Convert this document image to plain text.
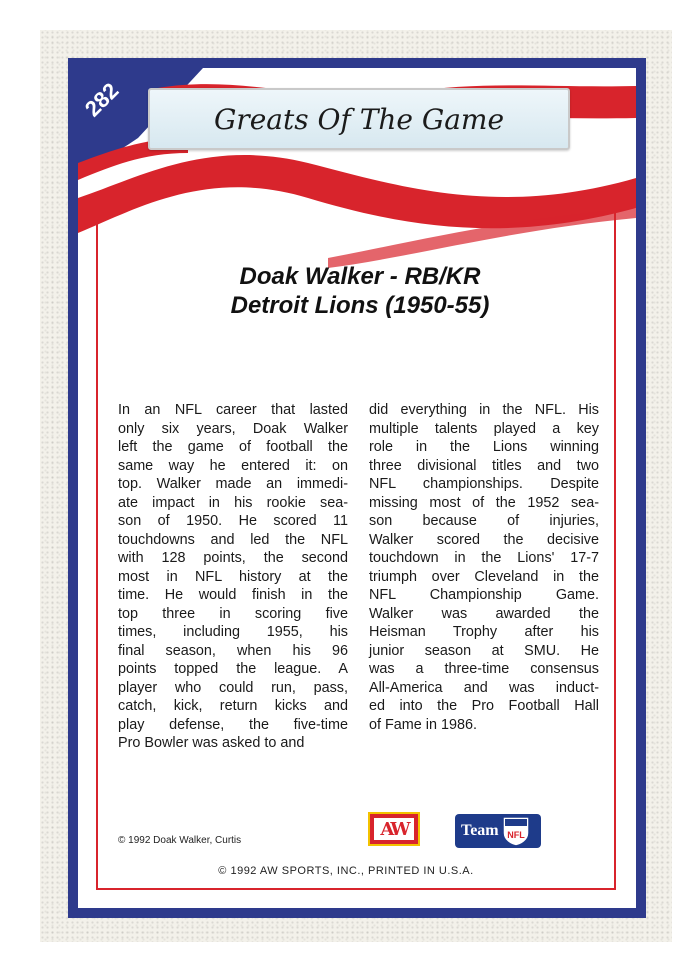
282	Greats Of The Game
Doak Walker - RB/KR
Detroit Lions (1950-55)
In an NFL career that lasted
only six years, Doak Walker
left the game of football the
same way he entered it: on
top. Walker made an immedi-
ate impact in his rookie sea-
son of 1950. He scored 11
touchdowns and led the NFL
with 128 points, the second
most in NFL history at the
time. He would finish in the
top three in scoring five
times, including 1955, his
final season, when his 96
points topped the league. A
player who could run, pass,
catch, kick, return kicks and
play defense, the five-time
Pro Bowler was asked to and
did everything in the NFL. His
multiple talents played a key
role in the Lions winning
three divisional titles and two
NFL championships. Despite
missing most of the 1952 sea-
son because of injuries,
Walker scored the decisive
touchdown in the Lions' 17-7
triumph over Cleveland in the
NFL Championship Game.
Walker was awarded the
Heisman Trophy after his
junior season at SMU. He
was a three-time consensus
All-America and was induct-
ed into the Pro Football Hall
of Fame in 1986.
© 1992 Doak Walker, Curtis
AW	Team NFL
© 1992 AW SPORTS, INC., PRINTED IN U.S.A.
